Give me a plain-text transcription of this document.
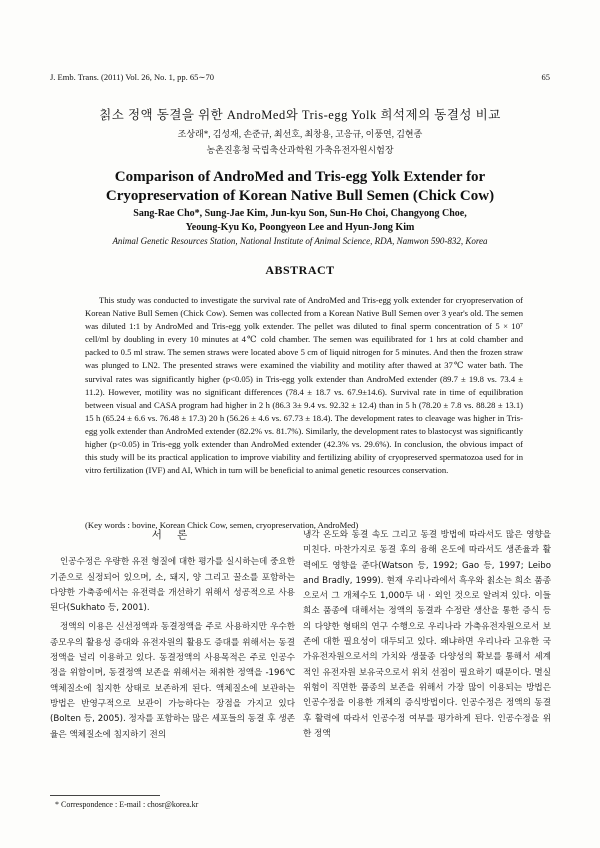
J. Emb. Trans. (2011) Vol. 26, No. 1, pp. 65∼70	65
칡소 정액 동결을 위한 AndroMed와 Tris-egg Yolk 희석제의 동결성 비교
조상래*, 김성재, 손준규, 최선호, 최창용, 고응규, 이풍연, 김현종
농촌진흥청 국립축산과학원 가축유전자원시험장
Comparison of AndroMed and Tris-egg Yolk Extender for Cryopreservation of Korean Native Bull Semen (Chick Cow)
Sang-Rae Cho*, Sung-Jae Kim, Jun-kyu Son, Sun-Ho Choi, Changyong Choe,
Yeoung-Kyu Ko, Poongyeon Lee and Hyun-Jong Kim
Animal Genetic Resources Station, National Institute of Animal Science, RDA, Namwon 590-832, Korea
ABSTRACT

This study was conducted to investigate the survival rate of AndroMed and Tris-egg yolk extender for cryopreservation of Korean Native Bull Semen (Chick Cow). Semen was collected from a Korean Native Bull Semen over 3 year's old. The semen was diluted 1:1 by AndroMed and Tris-egg yolk extender. The pellet was diluted to final sperm concentration of 5 × 10⁷ cell/ml by doubling in every 10 minutes at 4℃ cold chamber. The semen was equilibrated for 1 hrs at cold chamber and packed to 0.5 ml straw. The semen straws were located above 5 cm of liquid nitrogen for 5 minutes. And then the frozen straw was plunged to LN2. The presented straws were examined the viability and motility after thawed at 37℃ water bath. The survival rates was significantly higher (p<0.05) in Tris-egg yolk extender than AndroMed extender (89.7 ± 19.8 vs. 73.4 ± 11.2). However, motility was no significant differences (78.4 ± 18.7 vs. 67.9±14.6). Survival rate in time of equilibration between visual and CASA program had higher in 2 h (86.3 3± 9.4 vs. 92.32 ± 12.4) than in 5 h (78.20 ± 7.8 vs. 88.28 ± 13.1) 15 h (65.24 ± 6.6 vs. 76.48 ± 17.3) 20 h (56.26 ± 4.6 vs. 67.73 ± 18.4). The development rates to cleavage was higher in Tris-egg yolk extender than AndroMed extender (82.2% vs. 81.7%). Similarly, the development rates to blastocyst was significantly higher (p<0.05) in Tris-egg yolk extender than AndroMed extender (42.3% vs. 29.6%). In conclusion, the obvious impact of this study will be its practical application to improve viability and fertilizing ability of cryopreserved spermatozoa used for in vitro fertilization (IVF) and AI, Which in turn will be beneficial to animal genetic resources conservation.

(Key words : bovine, Korean Chick Cow, semen, cryopreservation, AndroMed)
서 론

인공수정은 우량한 유전 형질에 대한 평가를 실시하는데 중요한 기준으로 실정되어 있으며, 소, 돼지, 양 그리고 꿀소를 포함하는 다양한 가축종에서는 유전력을 개선하기 위해서 성공적으로 사용된다(Sukhato 등, 2001).

정액의 이용은 신선정액과 동결정액을 주로 사용하지만 우수한 종모우의 활용성 증대와 유전자원의 활용도 증대를 위해서는 동결정액을 널리 이용하고 있다. 동결정액의 사용목적은 주로 인공수정을 위함이며, 동결정액 보존을 위해서는 채취한 정액을 -196℃ 액체질소에 침지한 상태로 보존하게 된다. 액체질소에 보관하는 방법은 반영구적으로 보관이 가능하다는 장점을 가지고 있다(Bolten 등, 2005). 정자를 포함하는 많은 세포들의 동결 후 생존율은 액체질소에 침지하기 전의

냉각 온도와 동결 속도 그리고 동결 방법에 따라서도 많은 영향을 미친다. 마찬가지로 동결 후의 융해 온도에 따라서도 생존율과 활력에도 영향을 준다(Watson 등, 1992; Gao 등, 1997; Leibo and Bradly, 1999). 현재 우리나라에서 흑우와 칡소는 희소 품종으로서 그 개체수도 1,000두 내 · 외인 것으로 알려져 있다. 이들 희소 품종에 대해서는 정액의 동결과 수정란 생산을 통한 증식 등의 다양한 형태의 연구 수행으로 우리나라 가축유전자원으로서 보존에 대한 필요성이 대두되고 있다. 왜냐하면 우리나라 고유한 국가유전자원으로서의 가치와 생물종 다양성의 확보를 통해서 세계적인 유전자원 보유국으로서 위치 선점이 필요하기 때문이다. 멸실 위험이 직면한 품종의 보존을 위해서 가장 많이 이용되는 방법은 인공수정을 이용한 개체의 증식방법이다. 인공수정은 정액의 동결 후 활력에 따라서 인공수정 여부를 평가하게 된다. 인공수정을 위한 정액

* Correspondence : E-mail : chosr@korea.kr
